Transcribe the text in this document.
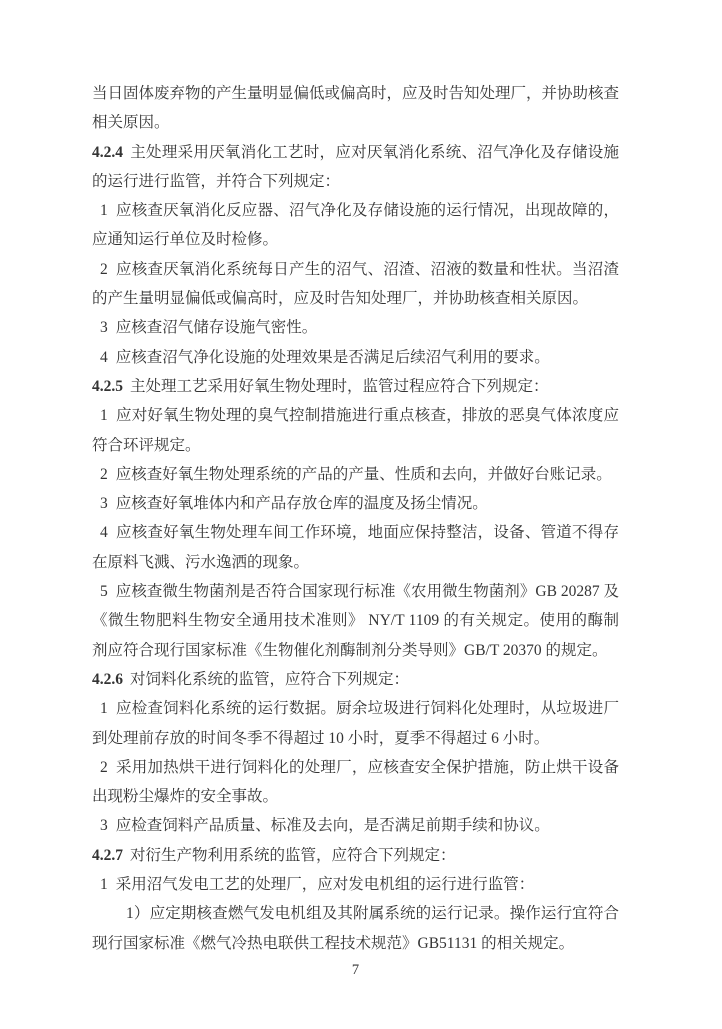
当日固体废弃物的产生量明显偏低或偏高时，应及时告知处理厂，并协助核查相关原因。

4.2.4 主处理采用厌氧消化工艺时，应对厌氧消化系统、沼气净化及存储设施的运行进行监管，并符合下列规定：

1 应核查厌氧消化反应器、沼气净化及存储设施的运行情况，出现故障的，应通知运行单位及时检修。

2 应核查厌氧消化系统每日产生的沼气、沼渣、沼液的数量和性状。当沼渣的产生量明显偏低或偏高时，应及时告知处理厂，并协助核查相关原因。

3 应核查沼气储存设施气密性。

4 应核查沼气净化设施的处理效果是否满足后续沼气利用的要求。

4.2.5 主处理工艺采用好氧生物处理时，监管过程应符合下列规定：

1 应对好氧生物处理的臭气控制措施进行重点核查，排放的恶臭气体浓度应符合环评规定。

2 应核查好氧生物处理系统的产品的产量、性质和去向，并做好台账记录。

3 应核查好氧堆体内和产品存放仓库的温度及扬尘情况。

4 应核查好氧生物处理车间工作环境，地面应保持整洁，设备、管道不得存在原料飞溅、污水逸洒的现象。

5 应核查微生物菌剂是否符合国家现行标准《农用微生物菌剂》GB 20287 及《微生物肥料生物安全通用技术准则》 NY/T 1109 的有关规定。使用的酶制剂应符合现行国家标准《生物催化剂酶制剂分类导则》GB/T 20370 的规定。

4.2.6 对饲料化系统的监管，应符合下列规定：

1 应检查饲料化系统的运行数据。厨余垃圾进行饲料化处理时，从垃圾进厂到处理前存放的时间冬季不得超过 10 小时，夏季不得超过 6 小时。

2 采用加热烘干进行饲料化的处理厂，应核查安全保护措施，防止烘干设备出现粉尘爆炸的安全事故。

3 应检查饲料产品质量、标准及去向，是否满足前期手续和协议。

4.2.7 对衍生产物利用系统的监管，应符合下列规定：

1 采用沼气发电工艺的处理厂，应对发电机组的运行进行监管：

1）应定期核查燃气发电机组及其附属系统的运行记录。操作运行宜符合现行国家标准《燃气冷热电联供工程技术规范》GB51131 的相关规定。

7
